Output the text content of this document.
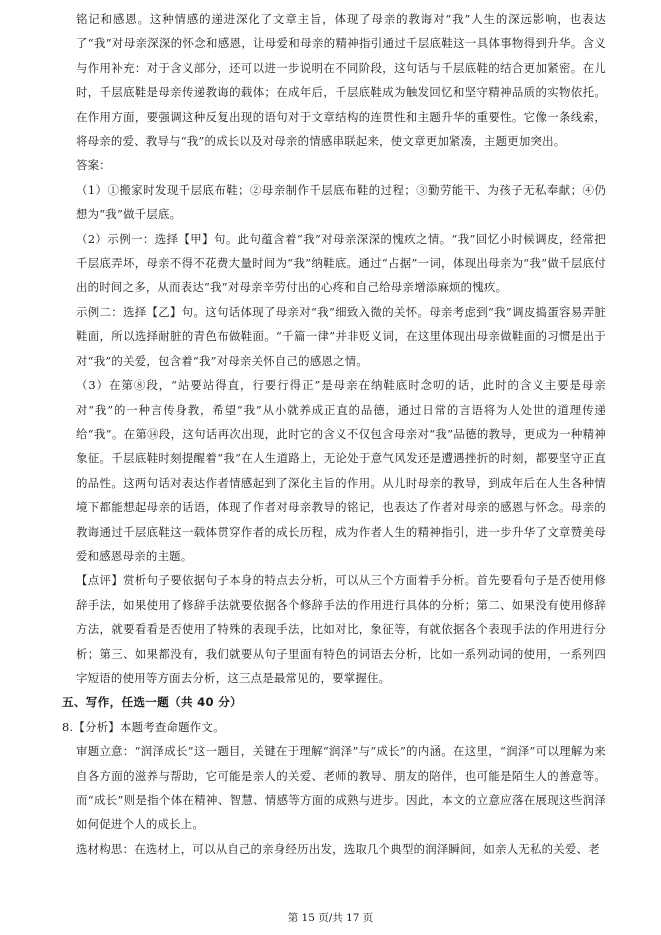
铭记和感恩。这种情感的递进深化了文章主旨，体现了母亲的教诲对“我”人生的深远影响，也表达了“我”对母亲深深的怀念和感恩，让母爱和母亲的精神指引通过千层底鞋这一具体事物得到升华。含义与作用补充：对于含义部分，还可以进一步说明在不同阶段，这句话与千层底鞋的结合更加紧密。在儿时，千层底鞋是母亲传递教诲的载体；在成年后，千层底鞋成为触发回忆和坚守精神品质的实物依托。在作用方面，要强调这种反复出现的语句对于文章结构的连贯性和主题升华的重要性。它像一条线索，将母亲的爱、教导与“我”的成长以及对母亲的情感串联起来，使文章更加紧凑，主题更加突出。

答案：

（1）①搬家时发现千层底布鞋；②母亲制作千层底布鞋的过程；③勤劳能干、为孩子无私奉献；④仍想为“我”做千层底。

（2）示例一：选择【甲】句。此句蕴含着“我”对母亲深深的愧疚之情。“我”回忆小时候调皮，经常把千层底弄坏，母亲不得不花费大量时间为“我”纳鞋底。通过“占据”一词，体现出母亲为“我”做千层底付出的时间之多，从而表达“我”对母亲辛劳付出的心疼和自己给母亲增添麻烦的愧疚。

示例二：选择【乙】句。这句话体现了母亲对“我”细致入微的关怀。母亲考虑到“我”调皮捣蛋容易弄脏鞋面，所以选择耐脏的青色布做鞋面。“千篇一律”并非贬义词，在这里体现出母亲做鞋面的习惯是出于对“我”的关爱，包含着“我”对母亲关怀自己的感恩之情。

（3）在第⑧段，“站要站得直，行要行得正”是母亲在纳鞋底时念叨的话，此时的含义主要是母亲对“我”的一种言传身教，希望“我”从小就养成正直的品德，通过日常的言语将为人处世的道理传递给“我”。在第⑭段，这句话再次出现，此时它的含义不仅包含母亲对“我”品德的教导，更成为一种精神象征。千层底鞋时刻提醒着“我”在人生道路上，无论处于意气风发还是遭遇挫折的时刻，都要坚守正直的品性。这两句话对表达作者情感起到了深化主旨的作用。从儿时母亲的教导，到成年后在人生各种情境下都能想起母亲的话语，体现了作者对母亲教导的铭记，也表达了作者对母亲的感恩与怀念。母亲的教诲通过千层底鞋这一载体贯穿作者的成长历程，成为作者人生的精神指引，进一步升华了文章赞美母爱和感恩母亲的主题。

【点评】赏析句子要依据句子本身的特点去分析，可以从三个方面着手分析。首先要看句子是否使用修辞手法，如果使用了修辞手法就要依据各个修辞手法的作用进行具体的分析；第二、如果没有使用修辞方法，就要看看是否使用了特殊的表现手法，比如对比，象征等，有就依据各个表现手法的作用进行分析；第三、如果都没有，我们就要从句子里面有特色的词语去分析，比如一系列动词的使用，一系列四字短语的使用等方面去分析，这三点是最常见的，要掌握住。

五、写作，任选一题（共 40 分）

8.【分析】本题考查命题作文。

审题立意：“润泽成长”这一题目，关键在于理解“润泽”与“成长”的内涵。在这里，“润泽”可以理解为来自各方面的滋养与帮助，它可能是亲人的关爱、老师的教导、朋友的陪伴，也可能是陌生人的善意等。而“成长”则是指个体在精神、智慧、情感等方面的成熟与进步。因此，本文的立意应落在展现这些润泽如何促进个人的成长上。

选材构思：在选材上，可以从自己的亲身经历出发，选取几个典型的润泽瞬间，如亲人无私的关爱、老

第 15 页/共 17 页
